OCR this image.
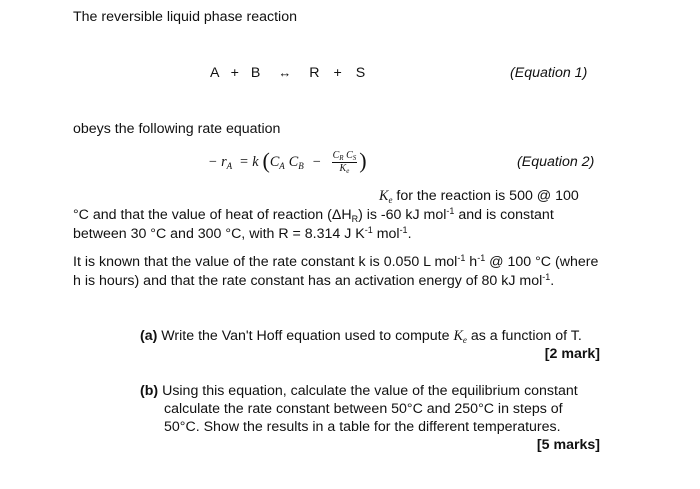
The reversible liquid phase reaction
A + B ↔ R + S	(Equation 1)
obeys the following rate equation
− $r_A = k$ ($C_A$ $C_B - \frac{C_R C_S}{K_e}$ )	(Equation 2)
$K_e$ for the reaction is 500 @ 100
°C and that the value of heat of reaction $(\Delta H_R)$ is -60 kJ mol$^{-1}$ and is constant
between 30 °C and 300 °C, with R = 8.314 J $K^{-1}$ mol$^{-1}$.
It is known that the value of the rate constant k is 0.050 L mol$^{-1}$ $h^{-1}$ @ 100 °C (where
h is hours) and that the rate constant has an activation energy of 80 kJ mol$^{-1}$.
(a) Write the Van't Hoff equation used to compute $K_e$ as a function of T.
[2 mark]
(b) Using this equation, calculate the value of the equilibrium constant
calculate the rate constant between 50°C and 250°C in steps of
50°C. Show the results in a table for the different temperatures.
[5 marks]
